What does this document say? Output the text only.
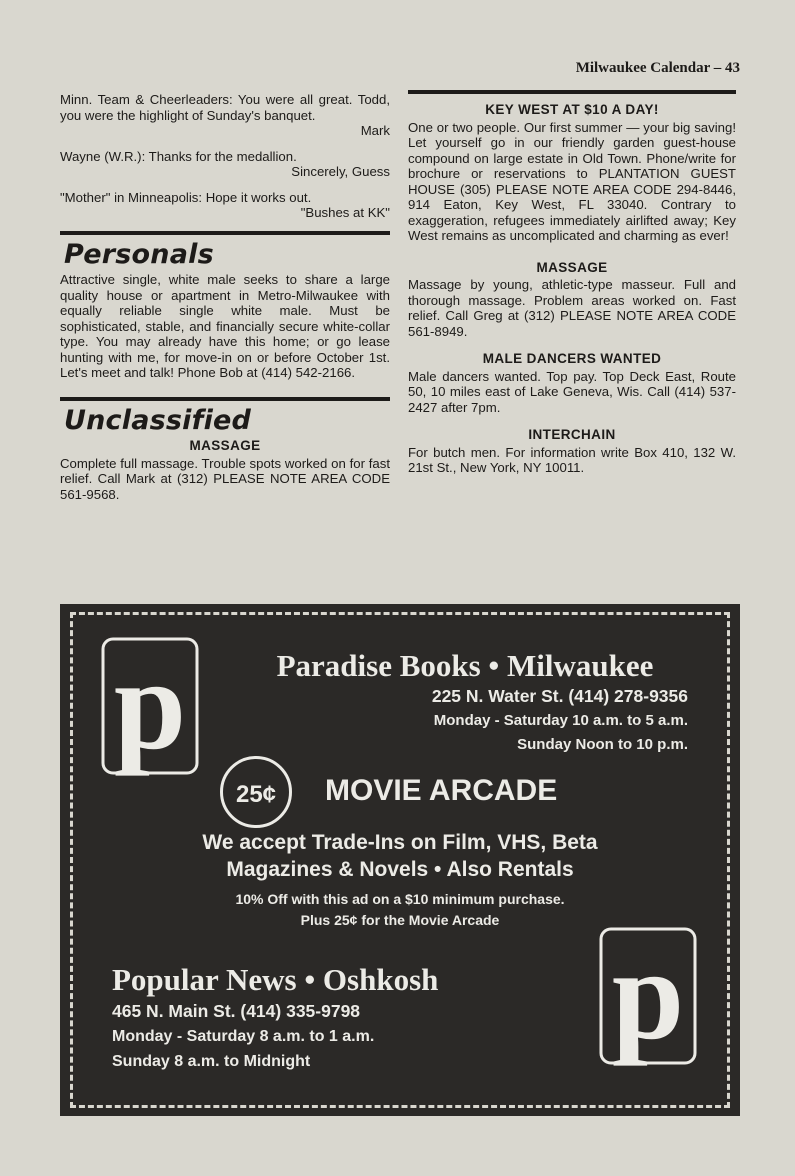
Milwaukee Calendar – 43

Minn. Team & Cheerleaders: You were all great. Todd, you were the highlight of Sunday's banquet.
Mark

Wayne (W.R.): Thanks for the medallion.
Sincerely, Guess

"Mother" in Minneapolis: Hope it works out.
"Bushes at KK"

Personals

Attractive single, white male seeks to share a large quality house or apartment in Metro-Milwaukee with equally reliable single white male. Must be sophisticated, stable, and financially secure white-collar type. You may already have this home; or go lease hunting with me, for move-in on or before October 1st. Let's meet and talk! Phone Bob at (414) 542-2166.

Unclassified
MASSAGE

Complete full massage. Trouble spots worked on for fast relief. Call Mark at (312) PLEASE NOTE AREA CODE 561-9568.

KEY WEST AT $10 A DAY!

One or two people. Our first summer — your big saving! Let yourself go in our friendly garden guest-house compound on large estate in Old Town. Phone/write for brochure or reservations to PLANTATION GUEST HOUSE (305) PLEASE NOTE AREA CODE 294-8446, 914 Eaton, Key West, FL 33040. Contrary to exaggeration, refugees immediately airlifted away; Key West remains as uncomplicated and charming as ever!

MASSAGE

Massage by young, athletic-type masseur. Full and thorough massage. Problem areas worked on. Fast relief. Call Greg at (312) PLEASE NOTE AREA CODE 561-8949.

MALE DANCERS WANTED

Male dancers wanted. Top pay. Top Deck East, Route 50, 10 miles east of Lake Geneva, Wis. Call (414) 537-2427 after 7pm.

INTERCHAIN

For butch men. For information write Box 410, 132 W. 21st St., New York, NY 10011.

p	Paradise Books • Milwaukee
225 N. Water St. (414) 278-9356
Monday - Saturday 10 a.m. to 5 a.m.
Sunday Noon to 10 p.m.
25¢	MOVIE ARCADE
We accept Trade-Ins on Film, VHS, Beta
Magazines & Novels • Also Rentals
10% Off with this ad on a $10 minimum purchase.
Plus 25¢ for the Movie Arcade
Popular News • Oshkosh
465 N. Main St. (414) 335-9798
Monday - Saturday 8 a.m. to 1 a.m.
Sunday 8 a.m. to Midnight p
